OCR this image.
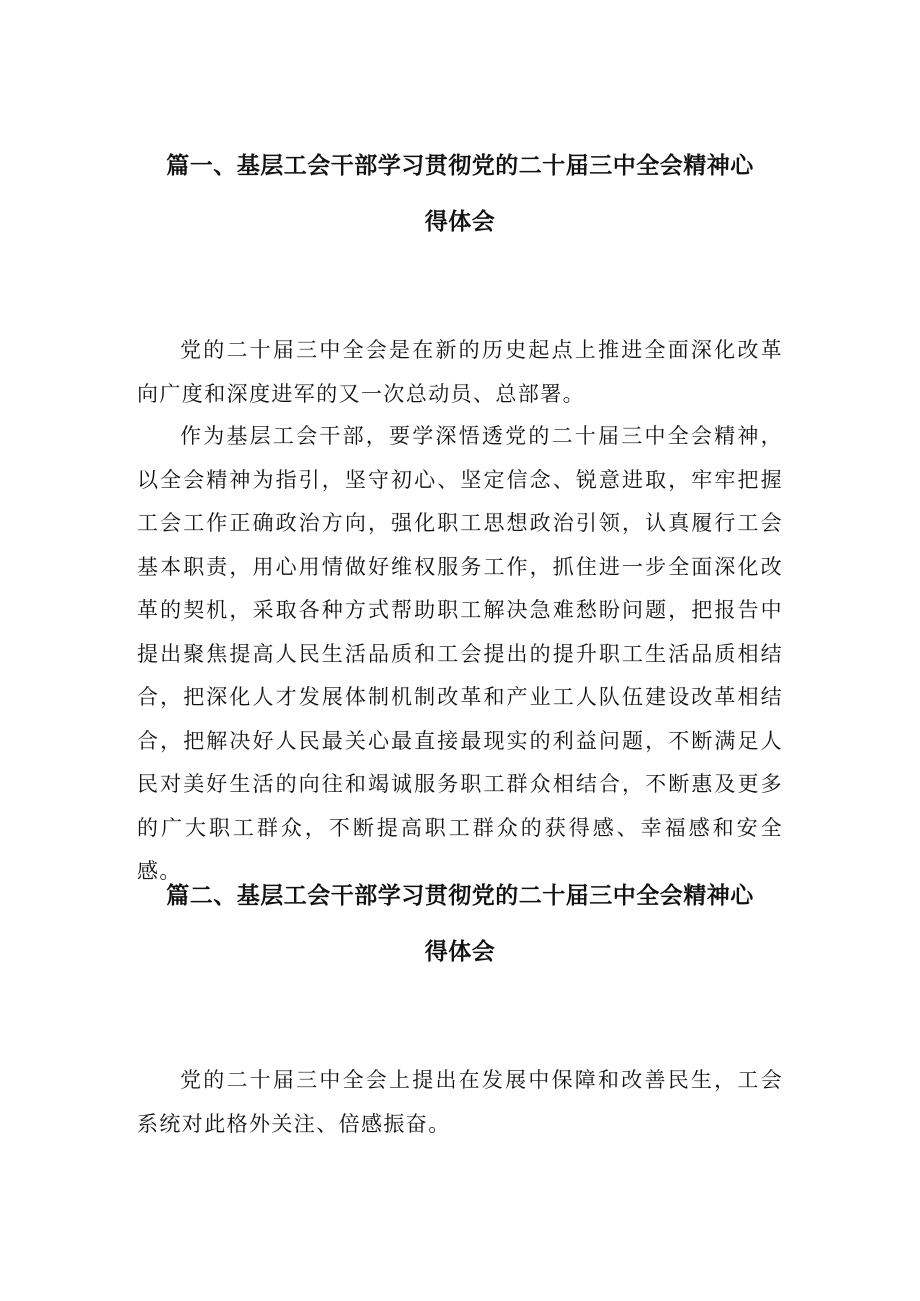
篇一、基层工会干部学习贯彻党的二十届三中全会精神心
得体会

党的二十届三中全会是在新的历史起点上推进全面深化改革向广度和深度进军的又一次总动员、总部署。

作为基层工会干部，要学深悟透党的二十届三中全会精神，以全会精神为指引，坚守初心、坚定信念、锐意进取，牢牢把握工会工作正确政治方向，强化职工思想政治引领，认真履行工会基本职责，用心用情做好维权服务工作，抓住进一步全面深化改革的契机，采取各种方式帮助职工解决急难愁盼问题，把报告中提出聚焦提高人民生活品质和工会提出的提升职工生活品质相结合，把深化人才发展体制机制改革和产业工人队伍建设改革相结合，把解决好人民最关心最直接最现实的利益问题，不断满足人民对美好生活的向往和竭诚服务职工群众相结合，不断惠及更多的广大职工群众，不断提高职工群众的获得感、幸福感和安全感。

篇二、基层工会干部学习贯彻党的二十届三中全会精神心
得体会

党的二十届三中全会上提出在发展中保障和改善民生，工会系统对此格外关注、倍感振奋。
